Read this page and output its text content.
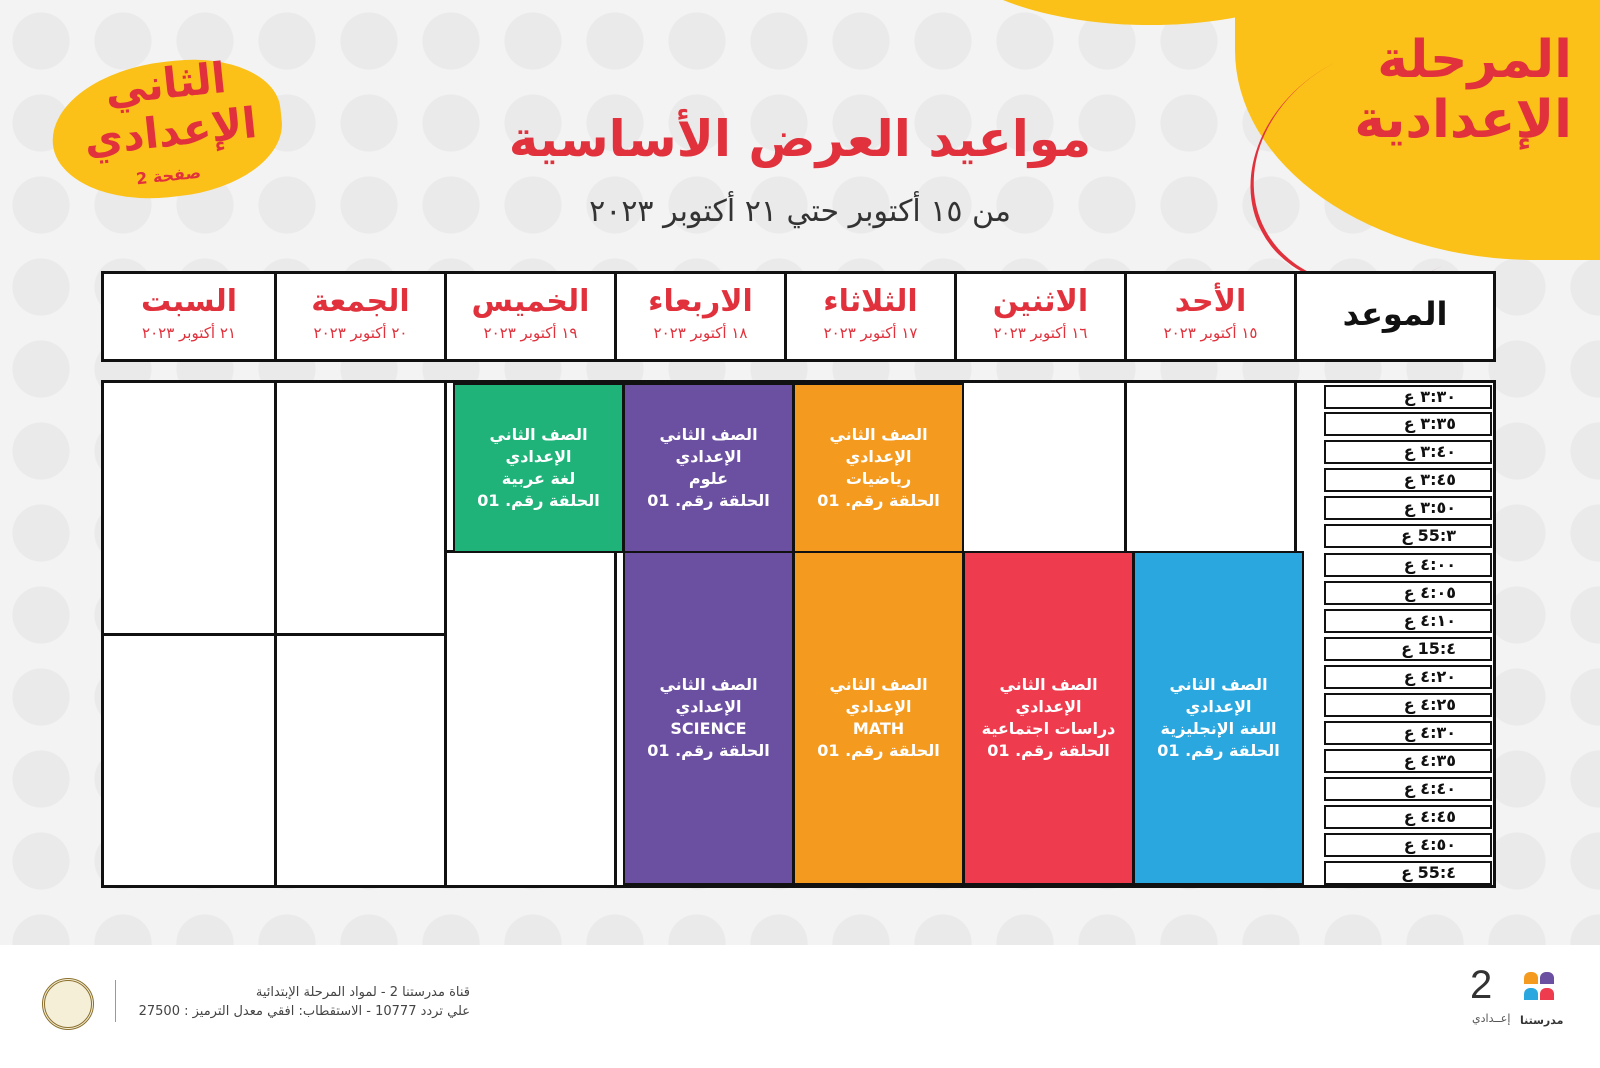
المرحلة
الإعدادية
الثاني
الإعدادي
صفحة 2
مواعيد العرض الأساسية
من ١٥ أكتوبر حتي ٢١ أكتوبر ٢٠٢٣
السبت
٢١ أكتوبر ٢٠٢٣
الجمعة
٢٠ أكتوبر ٢٠٢٣
الخميس
١٩ أكتوبر ٢٠٢٣
الاربعاء
١٨ أكتوبر ٢٠٢٣
الثلاثاء
١٧ أكتوبر ٢٠٢٣
الاثنين
١٦ أكتوبر ٢٠٢٣
الأحد
١٥ أكتوبر ٢٠٢٣	الموعد
الصف الثاني الإعدادي
لغة عربية
الحلقة رقم. 01
الصف الثاني الإعدادي
علوم
الحلقة رقم. 01
الصف الثاني الإعدادي
رياضيات
الحلقة رقم. 01
الصف الثاني الإعدادي
SCIENCE
الحلقة رقم. 01
الصف الثاني الإعدادي
MATH
الحلقة رقم. 01
الصف الثاني الإعدادي
دراسات اجتماعية
الحلقة رقم. 01
الصف الثاني الإعدادي
اللغة الإنجليزية
الحلقة رقم. 01
٣:٣٠ ع
٣:٣٥ ع
٣:٤٠ ع
٣:٤٥ ع
٣:٥٠ ع
٣:55 ع
٤:٠٠ ع
٤:٠٥ ع
٤:١٠ ع
٤:15 ع
٤:٢٠ ع
٤:٢٥ ع
٤:٣٠ ع
٤:٣٥ ع
٤:٤٠ ع
٤:٤٥ ع
٤:٥٠ ع
٤:55 ع
قناة مدرستنا 2 - لمواد المرحلة الإبتدائية
علي تردد 10777 - الاستقطاب: افقي معدل الترميز : 27500
2
إعــدادي مدرستنا
